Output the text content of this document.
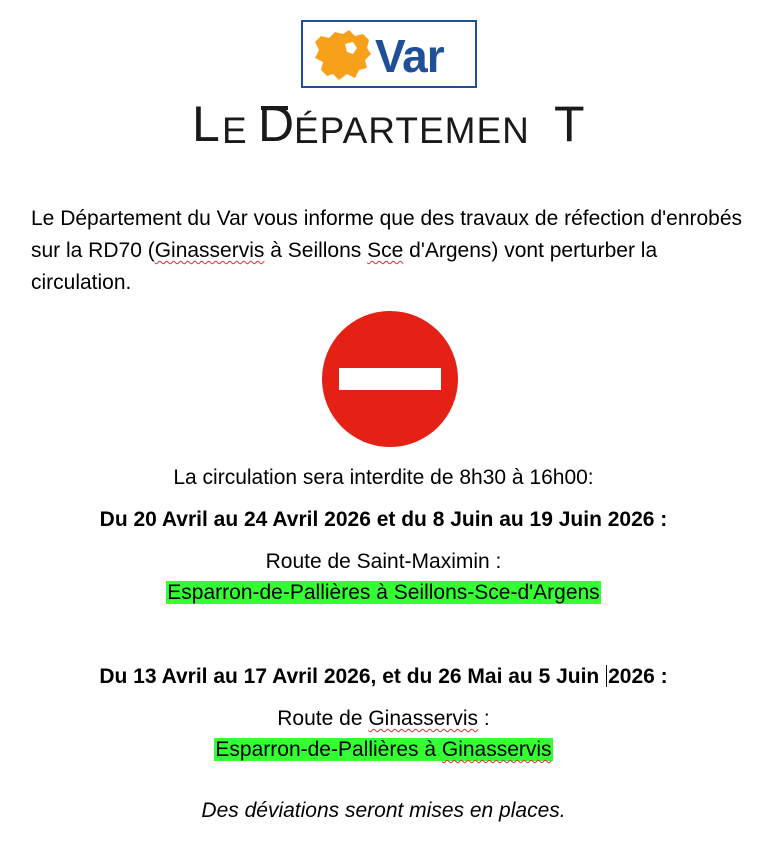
Var
L E D ÉPARTEMEN T
Le Département du Var vous informe que des travaux de réfection d'enrobés sur la RD70 (Ginasservis à Seillons Sce d'Argens) vont perturber la circulation.
La circulation sera interdite de 8h30 à 16h00:
Du 20 Avril au 24 Avril 2026 et du 8 Juin au 19 Juin 2026 :
Route de Saint-Maximin :
Esparron-de-Pallières à Seillons-Sce-d'Argens
Du 13 Avril au 17 Avril 2026, et du 26 Mai au 5 Juin 2026 :
Route de Ginasservis :
Esparron-de-Pallières à Ginasservis
Des déviations seront mises en places.
